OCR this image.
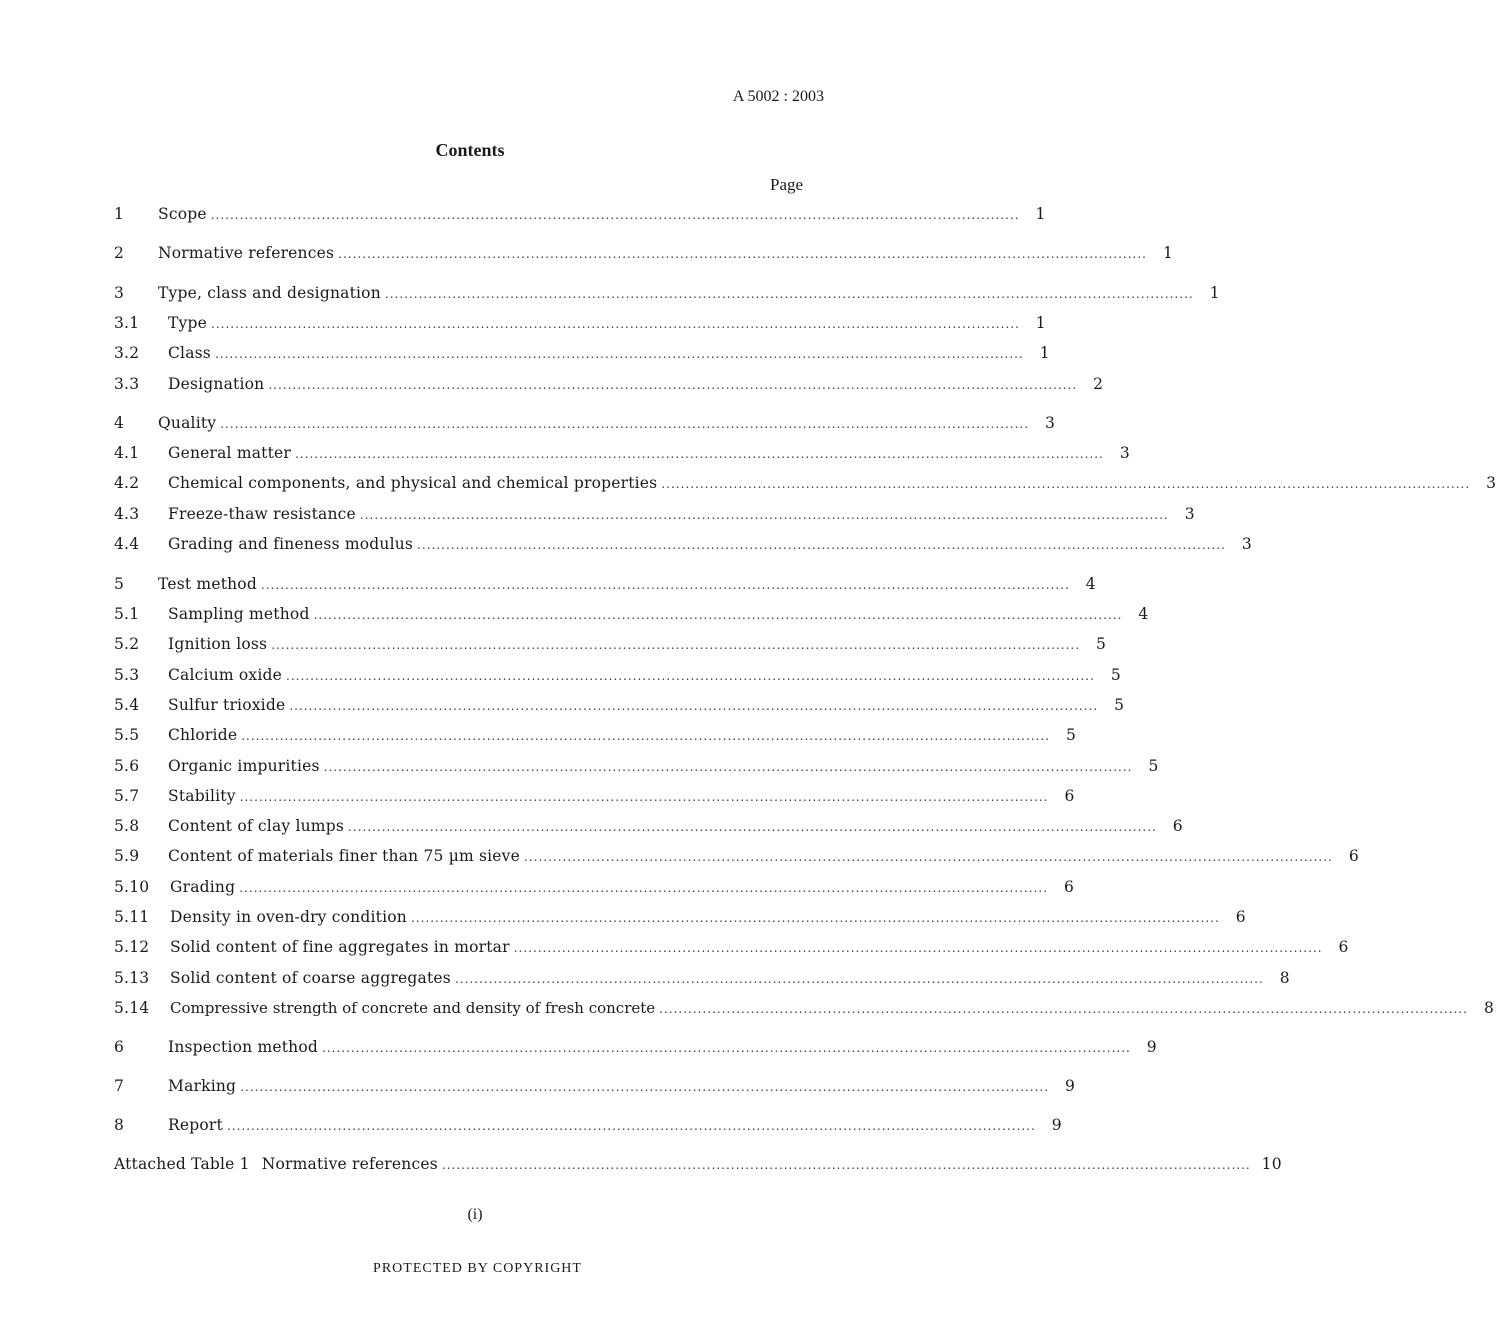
A 5002 : 2003
Contents
Page
1	Scope ........................................................................................................................................................................	1
2	Normative references ........................................................................................................................................................................	1
3	Type, class and designation ........................................................................................................................................................................	1
3.1	Type ........................................................................................................................................................................	1
3.2	Class ........................................................................................................................................................................	1
3.3	Designation ........................................................................................................................................................................	2
4	Quality ........................................................................................................................................................................	3
4.1	General matter ........................................................................................................................................................................	3
4.2	Chemical components, and physical and chemical properties ........................................................................................................................................................................	3
4.3	Freeze-thaw resistance ........................................................................................................................................................................	3
4.4	Grading and fineness modulus ........................................................................................................................................................................	3
5	Test method ........................................................................................................................................................................	4
5.1	Sampling method ........................................................................................................................................................................	4
5.2	Ignition loss ........................................................................................................................................................................	5
5.3	Calcium oxide ........................................................................................................................................................................	5
5.4	Sulfur trioxide ........................................................................................................................................................................	5
5.5	Chloride ........................................................................................................................................................................	5
5.6	Organic impurities ........................................................................................................................................................................	5
5.7	Stability ........................................................................................................................................................................	6
5.8	Content of clay lumps ........................................................................................................................................................................	6
5.9	Content of materials finer than 75 µm sieve ........................................................................................................................................................................	6
5.10	Grading ........................................................................................................................................................................	6
5.11	Density in oven-dry condition ........................................................................................................................................................................	6
5.12	Solid content of fine aggregates in mortar ........................................................................................................................................................................	6
5.13	Solid content of coarse aggregates ........................................................................................................................................................................	8
5.14	Compressive strength of concrete and density of fresh concrete ........................................................................................................................................................................	8
6	Inspection method ........................................................................................................................................................................	9
7	Marking ........................................................................................................................................................................	9
8	Report ........................................................................................................................................................................	9
Attached Table 1 Normative references ........................................................................................................................................................................ 10
(i)
PROTECTED BY COPYRIGHT
